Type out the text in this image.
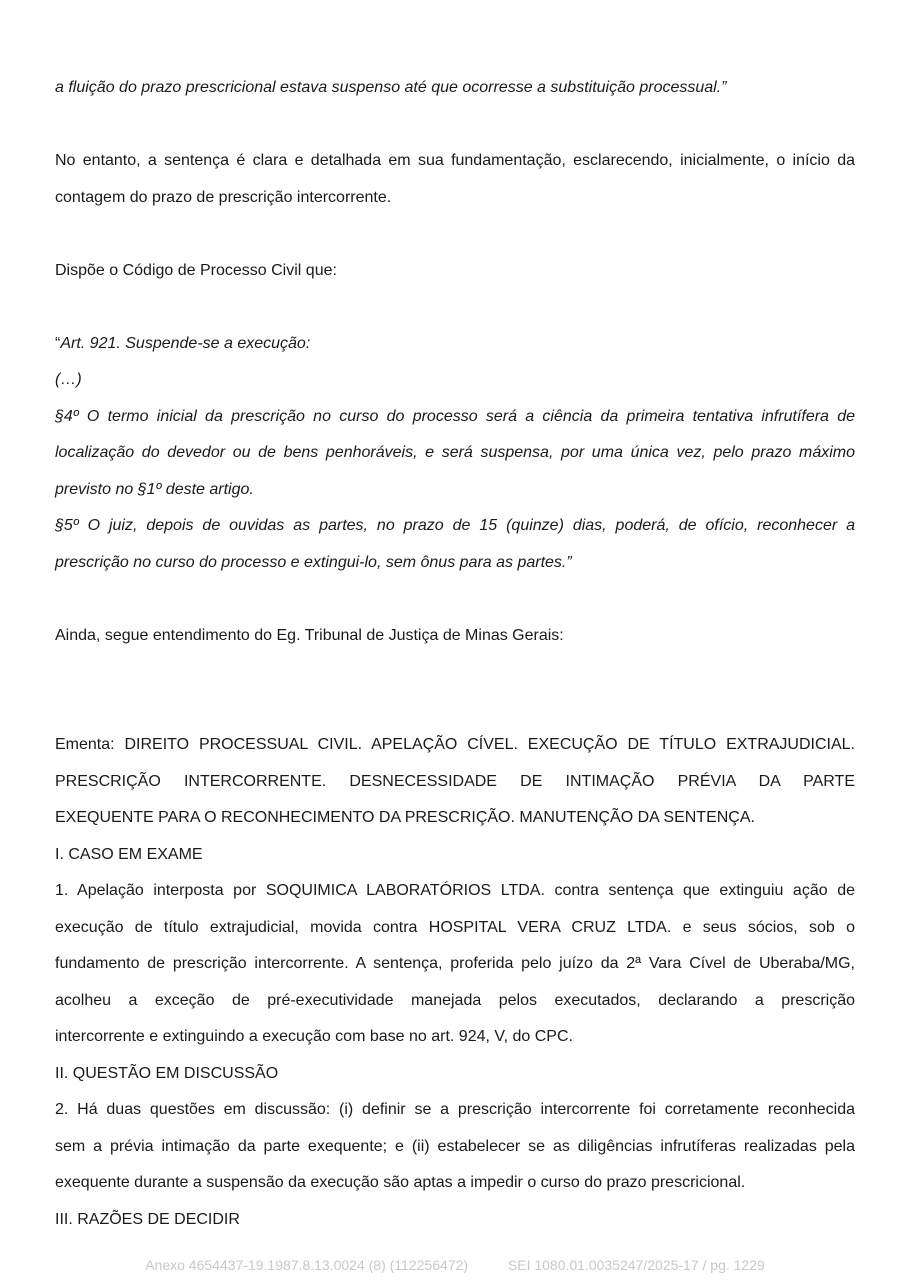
a fluição do prazo prescricional estava suspenso até que ocorresse a substituição processual.”
No entanto, a sentença é clara e detalhada em sua fundamentação, esclarecendo, inicialmente, o início da
contagem do prazo de prescrição intercorrente.
Dispõe o Código de Processo Civil que:
“Art. 921. Suspende-se a execução:
(…)
§4º O termo inicial da prescrição no curso do processo será a ciência da primeira tentativa infrutífera de
localização do devedor ou de bens penhoráveis, e será suspensa, por uma única vez, pelo prazo máximo
previsto no §1º deste artigo.
§5º O juiz, depois de ouvidas as partes, no prazo de 15 (quinze) dias, poderá, de ofício, reconhecer a
prescrição no curso do processo e extingui-lo, sem ônus para as partes.”
Ainda, segue entendimento do Eg. Tribunal de Justiça de Minas Gerais:
Ementa: DIREITO PROCESSUAL CIVIL. APELAÇÃO CÍVEL. EXECUÇÃO DE TÍTULO EXTRAJUDICIAL.
PRESCRIÇÃO INTERCORRENTE. DESNECESSIDADE DE INTIMAÇÃO PRÉVIA DA PARTE
EXEQUENTE PARA O RECONHECIMENTO DA PRESCRIÇÃO. MANUTENÇÃO DA SENTENÇA.
I. CASO EM EXAME
1. Apelação interposta por SOQUIMICA LABORATÓRIOS LTDA. contra sentença que extinguiu ação de
execução de título extrajudicial, movida contra HOSPITAL VERA CRUZ LTDA. e seus sócios, sob o
fundamento de prescrição intercorrente. A sentença, proferida pelo juízo da 2ª Vara Cível de Uberaba/MG,
acolheu a exceção de pré-executividade manejada pelos executados, declarando a prescrição
intercorrente e extinguindo a execução com base no art. 924, V, do CPC.
II. QUESTÃO EM DISCUSSÃO
2. Há duas questões em discussão: (i) definir se a prescrição intercorrente foi corretamente reconhecida
sem a prévia intimação da parte exequente; e (ii) estabelecer se as diligências infrutíferas realizadas pela
exequente durante a suspensão da execução são aptas a impedir o curso do prazo prescricional.
III. RAZÕES DE DECIDIR
Anexo 4654437-19.1987.8.13.0024 (8) (112256472)	SEI 1080.01.0035247/2025-17 / pg. 1229
